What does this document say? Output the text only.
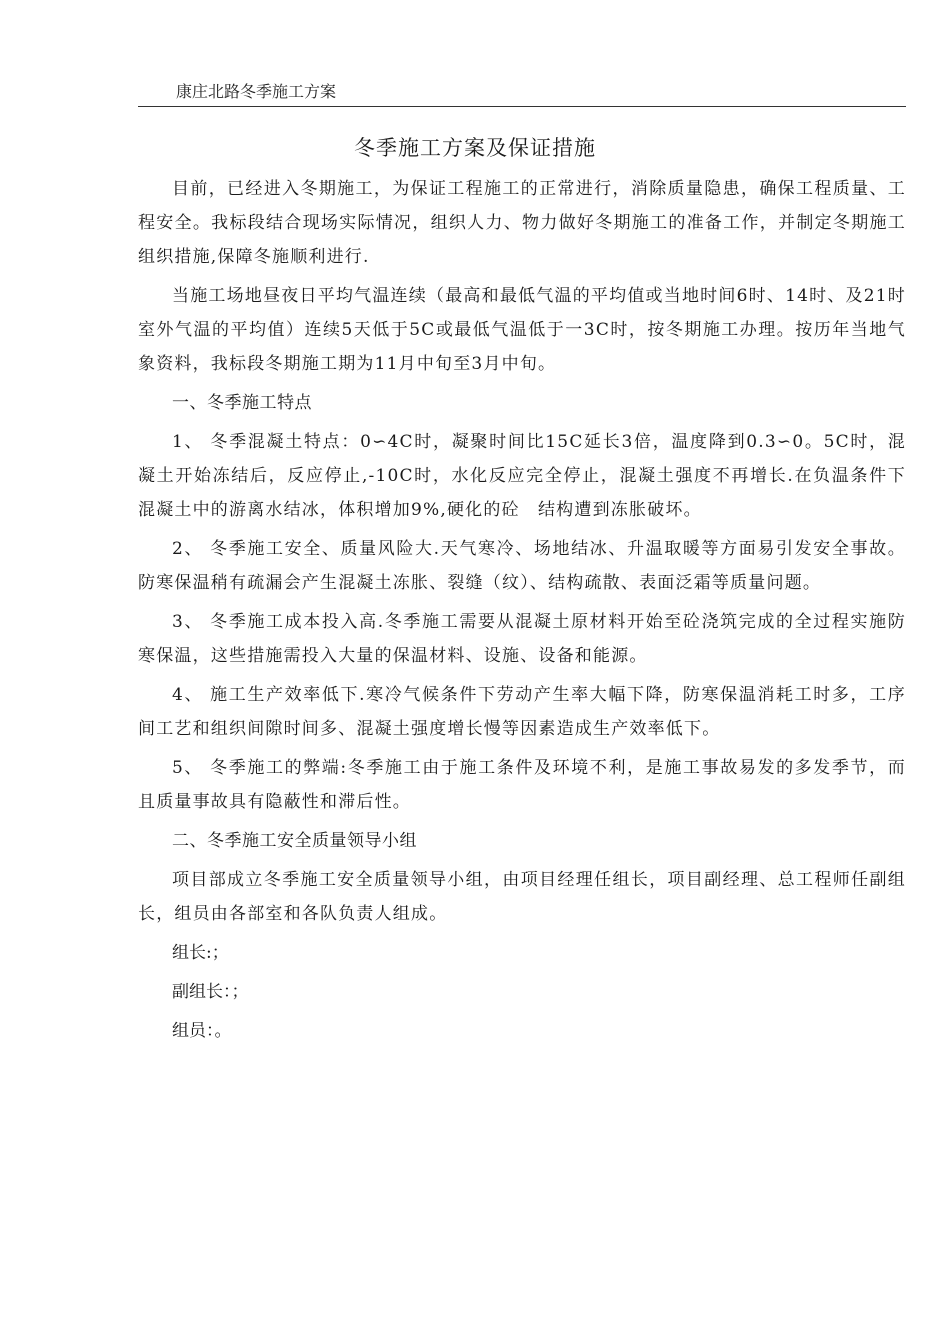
康庄北路冬季施工方案
冬季施工方案及保证措施

目前，已经进入冬期施工，为保证工程施工的正常进行，消除质量隐患，确保工程质量、工程安全。我标段结合现场实际情况，组织人力、物力做好冬期施工的准备工作，并制定冬期施工组织措施,保障冬施顺利进行.

当施工场地昼夜日平均气温连续（最高和最低气温的平均值或当地时间6时、14时、及21时室外气温的平均值）连续5天低于5C或最低气温低于一3C时，按冬期施工办理。按历年当地气象资料，我标段冬期施工期为11月中旬至3月中旬。

一、冬季施工特点

1、 冬季混凝土特点：0∽4C时，凝聚时间比15C延长3倍，温度降到0.3∽0。5C时，混凝土开始冻结后，反应停止,-10C时，水化反应完全停止，混凝土强度不再增长.在负温条件下混凝土中的游离水结冰，体积增加9%,硬化的砼　结构遭到冻胀破坏。

2、 冬季施工安全、质量风险大.天气寒冷、场地结冰、升温取暖等方面易引发安全事故。防寒保温稍有疏漏会产生混凝土冻胀、裂缝（纹）、结构疏散、表面泛霜等质量问题。

3、 冬季施工成本投入高.冬季施工需要从混凝土原材料开始至砼浇筑完成的全过程实施防寒保温，这些措施需投入大量的保温材料、设施、设备和能源。

4、 施工生产效率低下.寒冷气候条件下劳动产生率大幅下降，防寒保温消耗工时多，工序间工艺和组织间隙时间多、混凝土强度增长慢等因素造成生产效率低下。

5、 冬季施工的弊端:冬季施工由于施工条件及环境不利，是施工事故易发的多发季节，而且质量事故具有隐蔽性和滞后性。

二、冬季施工安全质量领导小组

项目部成立冬季施工安全质量领导小组，由项目经理任组长，项目副经理、总工程师任副组长，组员由各部室和各队负责人组成。

组长:；

副组长：；

组员：。
